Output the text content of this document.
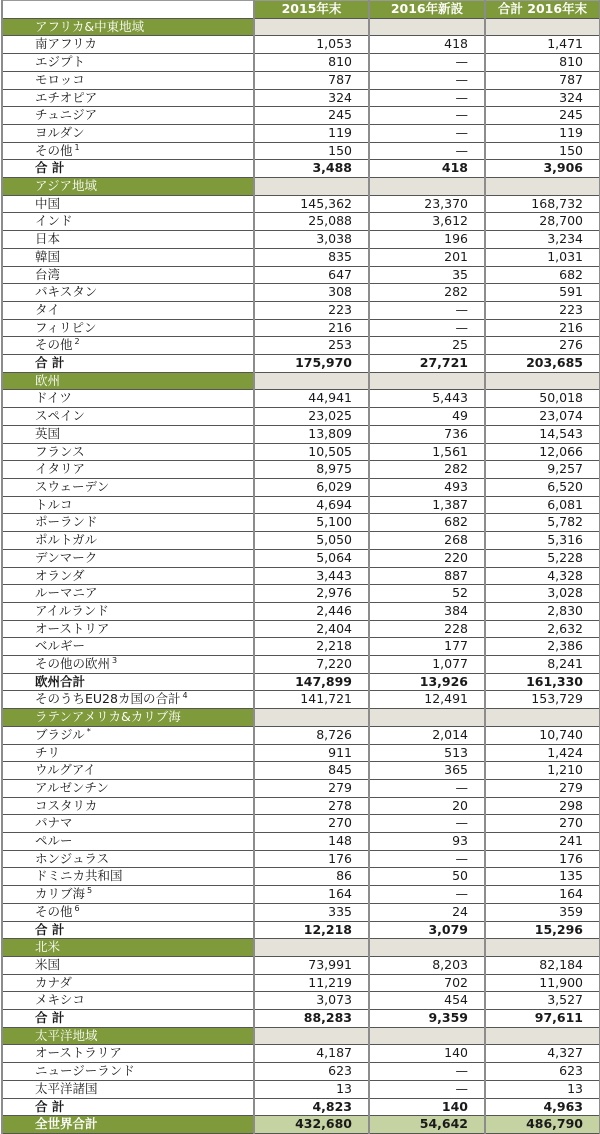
	2015年末	2016年新設	合計 2016年末
アフリカ&中東地域			
南アフリカ	1,053	418	1,471
エジプト	810	—	810
モロッコ	787	—	787
エチオピア	324	—	324
チュニジア	245	—	245
ヨルダン	119	—	119
その他 $^1$	150	—	150
合 計	3,488	418	3,906
アジア地域			
中国	145,362	23,370	168,732
インド	25,088	3,612	28,700
日本	3,038	196	3,234
韓国	835	201	1,031
台湾	647	35	682
パキスタン	308	282	591
タイ	223	—	223
フィリピン	216	—	216
その他 $^2$	253	25	276
合 計	175,970	27,721	203,685
欧州			
ドイツ	44,941	5,443	50,018
スペイン	23,025	49	23,074
英国	13,809	736	14,543
フランス	10,505	1,561	12,066
イタリア	8,975	282	9,257
スウェーデン	6,029	493	6,520
トルコ	4,694	1,387	6,081
ポーランド	5,100	682	5,782
ポルトガル	5,050	268	5,316
デンマーク	5,064	220	5,228
オランダ	3,443	887	4,328
ルーマニア	2,976	52	3,028
アイルランド	2,446	384	2,830
オーストリア	2,404	228	2,632
ベルギー	2,218	177	2,386
その他の欧州 $^3$	7,220	1,077	8,241
欧州合計	147,899	13,926	161,330
そのうちEU28カ国の合計 $^4$	141,721	12,491	153,729
ラテンアメリカ&カリブ海			
ブラジル *	8,726	2,014	10,740
チリ	911	513	1,424
ウルグアイ	845	365	1,210
アルゼンチン	279	—	279
コスタリカ	278	20	298
パナマ	270	—	270
ペルー	148	93	241
ホンジュラス	176	—	176
ドミニカ共和国	86	50	135
カリブ海 $^5$	164	—	164
その他 $^6$	335	24	359
合 計	12,218	3,079	15,296
北米			
米国	73,991	8,203	82,184
カナダ	11,219	702	11,900
メキシコ	3,073	454	3,527
合 計	88,283	9,359	97,611
太平洋地域			
オーストラリア	4,187	140	4,327
ニュージーランド	623	—	623
太平洋諸国	13	—	13
合 計	4,823	140	4,963
全世界合計	432,680	54,642	486,790
